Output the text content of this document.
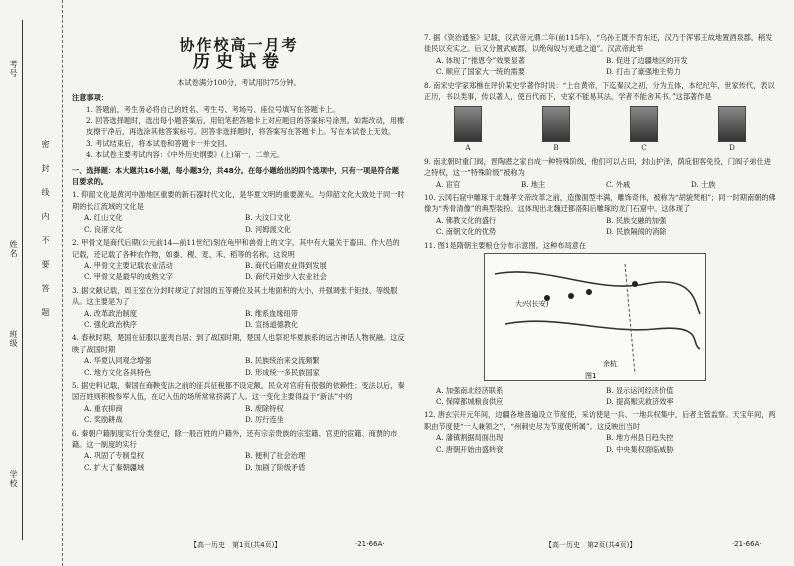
考号
姓名
班级
学校
密封线内不要答题
协作校高一月考
历史试卷
本试卷满分100分，考试用时75分钟。
注意事项：
1. 答题前，考生务必将自己的姓名、考生号、考场号、座位号填写在答题卡上。
2. 回答选择题时，选出每小题答案后，用铅笔把答题卡上对应题目的答案标号涂黑。如需改动，用橡皮擦干净后，再选涂其他答案标号。回答非选择题时，将答案写在答题卡上。写在本试卷上无效。
3. 考试结束后，将本试卷和答题卡一并交回。
4. 本试卷主要考试内容：《中外历史纲要》(上)第一、二单元。
一、选择题：本大题共16小题，每小题3分，共48分。在每小题给出的四个选项中，只有一项是符合题目要求的。
1. 仰韶文化是黄河中游地区重要的新石器时代文化，是华夏文明的重要源头。与仰韶文化大致处于同一时期的长江流域的文化是
A. 红山文化	B. 大汶口文化
C. 良渚文化	D. 河姆渡文化
2. 甲骨文是商代后期(公元前14—前11世纪)刻在龟甲和兽骨上的文字，其中有大量关于畜田、作大邑的记载，还记载了各种农作物，如黍、稷、麦、禾、稻等的名称。这说明
A. 甲骨文主要记载农业活动	B. 商代后期农业得到发展
C. 甲骨文是最早的成熟文字	D. 商代开始步入农业社会
3. 据文献记载，周王室在分封时规定了封国的五等爵位及其土地面积的大小，并强调张千钜技、等级服从。这主要是为了
A. 改革政治制度	B. 维系血缘纽带
C. 强化政治秩序	D. 宣扬道德教化
4. 春秋时期，楚国在征服以蛮夷自居；到了战国时期，楚国人也祭祀华夏族系的远古神话人物祝融。这反映了战国时期
A. 华夏认同观念增强	B. 民族统治来交流频繁
C. 地方文化各具特色	D. 形成统一多民族国家
5. 据史料记载，秦国在商鞅变法之前的征兵征税都不设定额，民众对官府有很强的依赖性；变法以后，秦国百姓则积极参军入伍，在记入伍的场所常常挤满了人。这一变化主要得益于“新法”中的
A. 重农抑商	B. 废除特权
C. 奖励耕战	D. 厉行连坐
6. 秦朝户籍制度实行分类登记，除一般百姓的户籍外，还有宗亲贵族的宗室籍、官吏的宦籍、商贾的市籍。这一制度的实行
A. 巩固了专制皇权	B. 便利了社会治理
C. 扩大了秦朝疆域	D. 加剧了阶级矛盾
7. 据《资治通鉴》记载，汉武帝元鼎二年(前115年)，“乌孙王既不肯东还，汉乃于浑邪王故地置酒泉郡，稍发徙民以充实之。后又分置武威郡，以绝匈奴与羌通之道”。汉武帝此举
A. 体现了“推恩令”效果显著	B. 促进了边疆地区的开发
C. 顺应了国家大一统的需要	D. 打击了豪强地主势力
8. 南宋史学家郑樵在评价某史学著作时说：“上自黄帝，下迄秦汉之初，分为五体，本纪纪年，世家传代，表以正历，书以类事，传以著人，使百代而下，史家不能易其法，学者不能舍其书。”这部著作是
A	B	C	D
9. 南北朝时重门阀，晋陶潜之家自成一种特殊阶级，他们可以占田，封山护泽，荫庇佃客免役，门阀子弟仕进之特权，这一“特殊阶级”被称为
A. 宦官	B. 地主	C. 外戚	D. 士族
10. 云冈石窟中雕琢于北魏孝文帝改革之前，造像面型丰满，雕饰奇伟，被称为“胡貌梵相”；同一时期南朝的佛像为“秀骨清像”的典型装扮。这体现出北魏迁都洛阳后雕琢的龙门石窟中。这体现了
A. 佛教文化的盛行	B. 民族交融的加强
C. 南朝文化的优势	D. 民族隔阂的消除
11. 图1是隋朝主要粮仓分布示意图。这种布局意在
大兴(长安)
余杭
图1
A. 加强南北经济联系	B. 显示运河经济价值
C. 保障都城粮食供应	D. 提高赈灾救济效率
12. 唐玄宗开元年间，边疆各地普遍设立节度使，采访使是一兵、一地兵权集中，后者主管监察。天宝年间，两职由节度使“一人兼领之”，“州刺史尽为节度使所属”。这反映出当时
A. 藩镇割据局面出现	B. 地方州县日趋失控
C. 唐朝开始由盛转衰	D. 中央集权面临威胁
【高一历史　第1页(共4页)】	·21-66A·	【高一历史　第2页(共4页)】	·21-66A·
